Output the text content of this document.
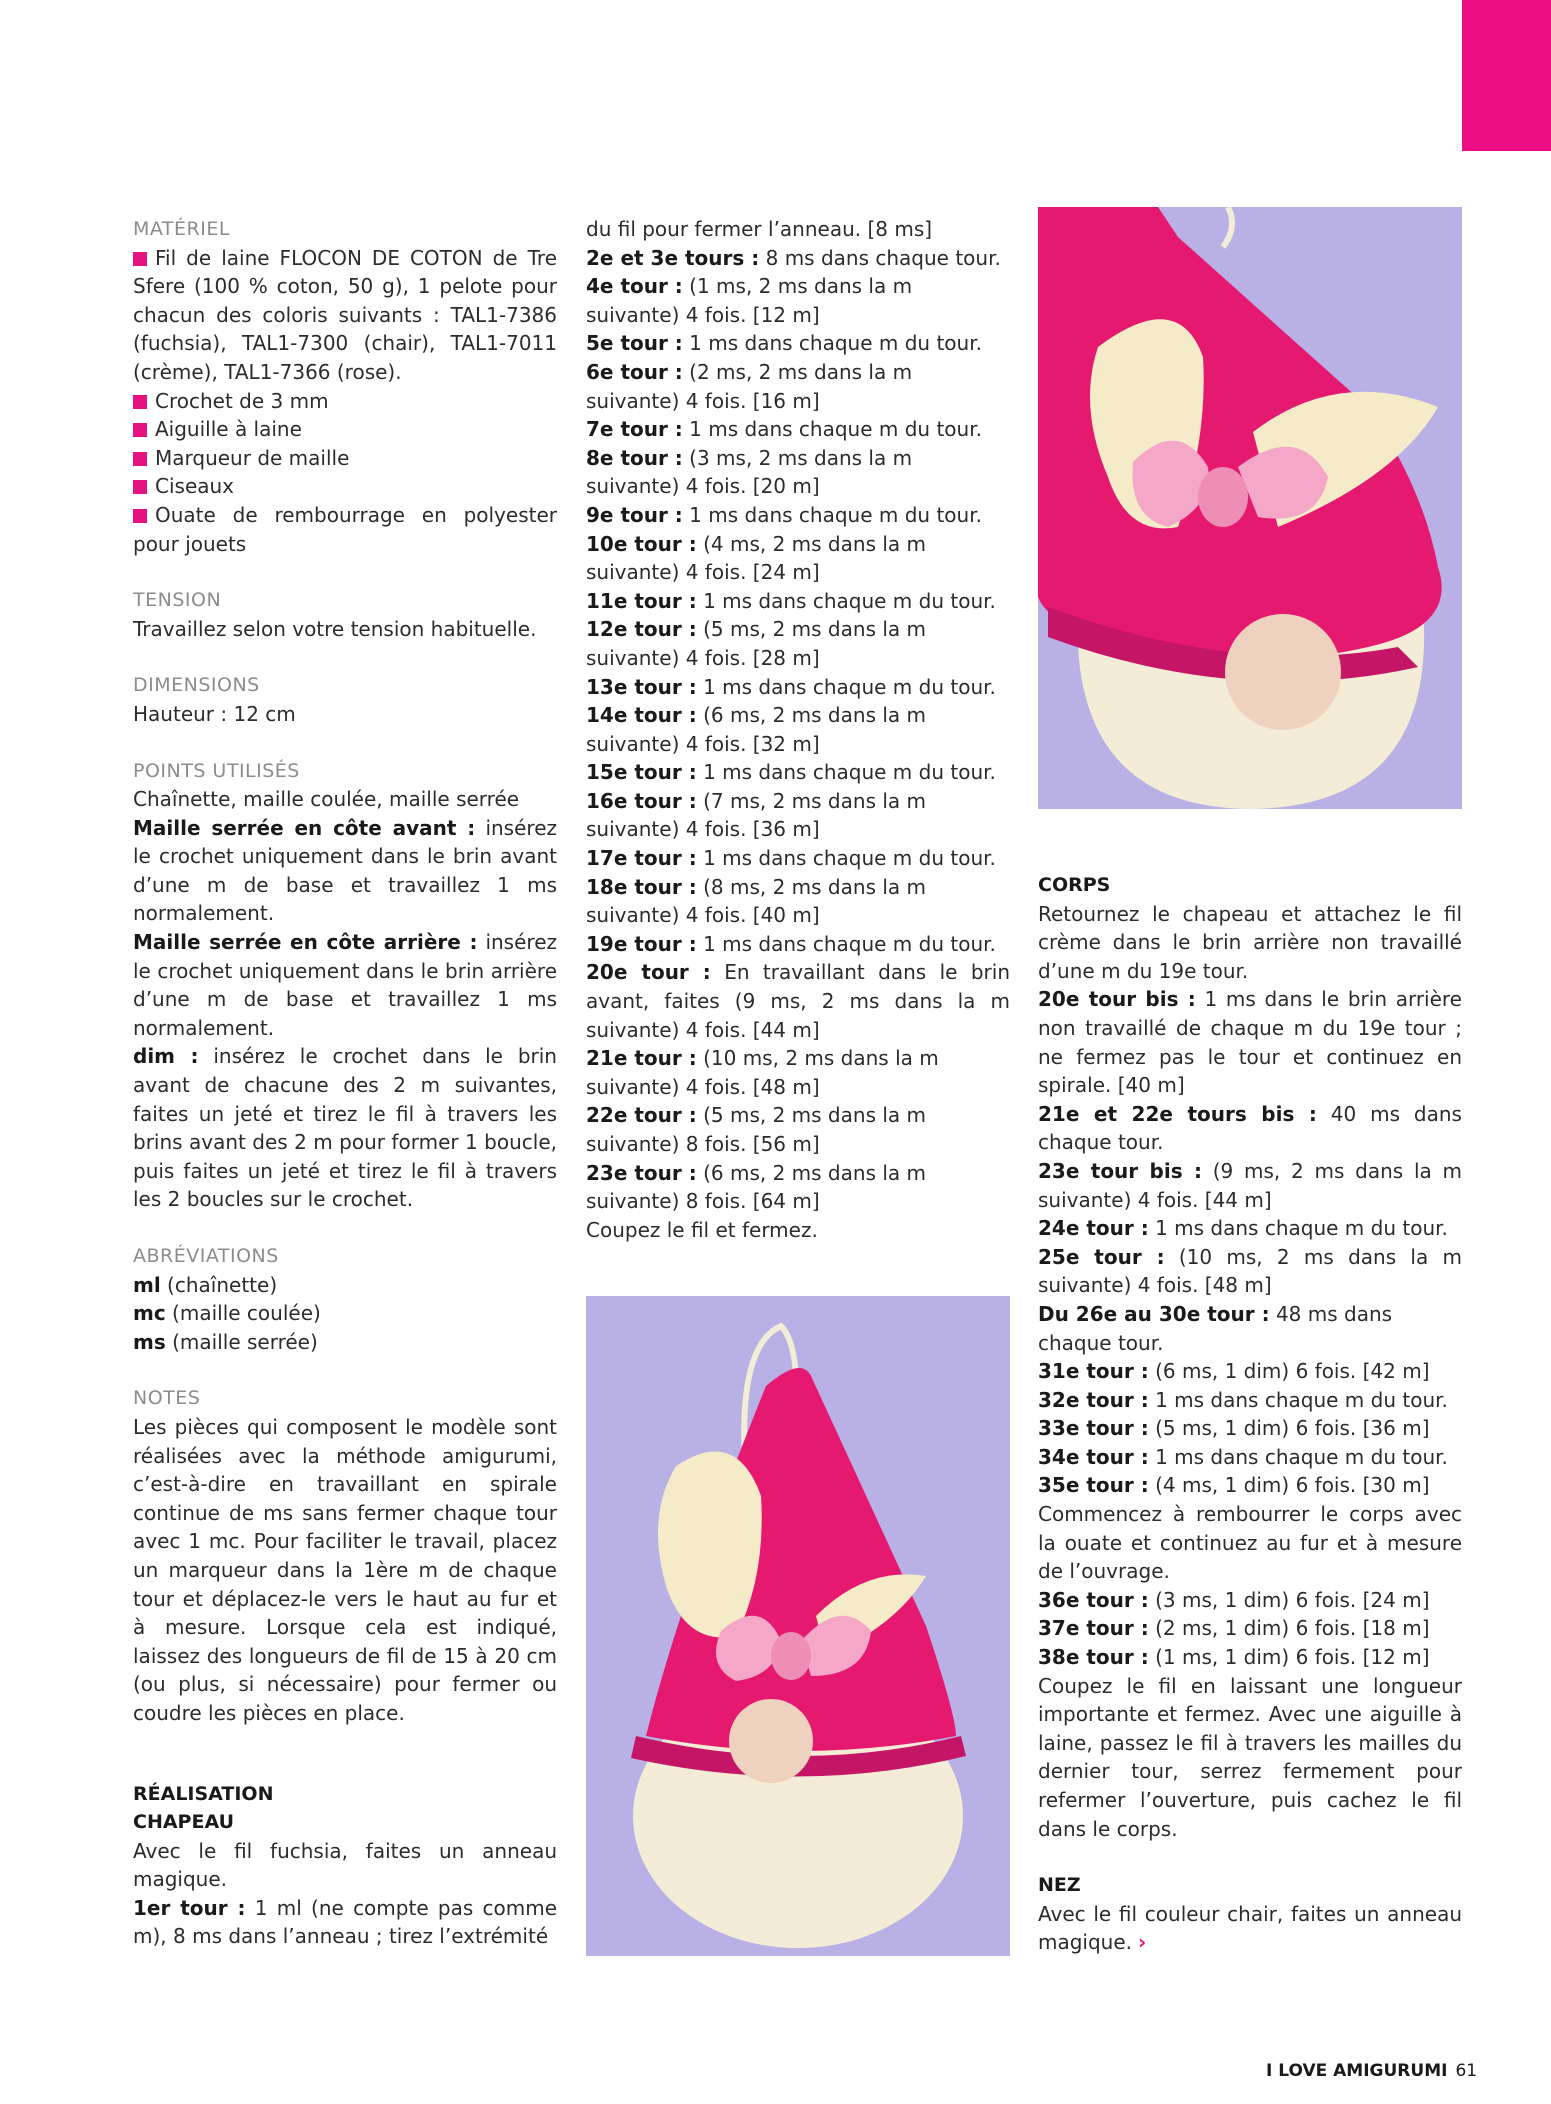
MATÉRIEL
Fil de laine FLOCON DE COTON de Tre Sfere (100 % coton, 50 g), 1 pelote pour chacun des coloris suivants : TAL1-7386 (fuchsia), TAL1-7300 (chair), TAL1-7011 (crème), TAL1-7366 (rose).
Crochet de 3 mm
Aiguille à laine
Marqueur de maille
Ciseaux
Ouate de rembourrage en polyester pour jouets
TENSION
Travaillez selon votre tension habituelle.
DIMENSIONS
Hauteur : 12 cm
POINTS UTILISÉS
Chaînette, maille coulée, maille serrée
Maille serrée en côte avant : insérez le crochet uniquement dans le brin avant d’une m de base et travaillez 1 ms normalement.
Maille serrée en côte arrière : insérez le crochet uniquement dans le brin arrière d’une m de base et travaillez 1 ms normalement.
dim : insérez le crochet dans le brin avant de chacune des 2 m suivantes, faites un jeté et tirez le fil à travers les brins avant des 2 m pour former 1 boucle, puis faites un jeté et tirez le fil à travers les 2 boucles sur le crochet.
ABRÉVIATIONS
ml (chaînette)
mc (maille coulée)
ms (maille serrée)
NOTES
Les pièces qui composent le modèle sont réalisées avec la méthode amigurumi, c’est-à-dire en travaillant en spirale continue de ms sans fermer chaque tour avec 1 mc. Pour faciliter le travail, placez un marqueur dans la 1ère m de chaque tour et déplacez-le vers le haut au fur et à mesure. Lorsque cela est indiqué, laissez des longueurs de fil de 15 à 20 cm (ou plus, si nécessaire) pour fermer ou coudre les pièces en place.
RÉALISATION
CHAPEAU
Avec le fil fuchsia, faites un anneau magique.
1er tour : 1 ml (ne compte pas comme m), 8 ms dans l’anneau ; tirez l’extrémité
du fil pour fermer l’anneau. [8 ms]
2e et 3e tours : 8 ms dans chaque tour.
4e tour : (1 ms, 2 ms dans la m suivante) 4 fois. [12 m]
5e tour : 1 ms dans chaque m du tour.
6e tour : (2 ms, 2 ms dans la m suivante) 4 fois. [16 m]
7e tour : 1 ms dans chaque m du tour.
8e tour : (3 ms, 2 ms dans la m suivante) 4 fois. [20 m]
9e tour : 1 ms dans chaque m du tour.
10e tour : (4 ms, 2 ms dans la m suivante) 4 fois. [24 m]
11e tour : 1 ms dans chaque m du tour.
12e tour : (5 ms, 2 ms dans la m suivante) 4 fois. [28 m]
13e tour : 1 ms dans chaque m du tour.
14e tour : (6 ms, 2 ms dans la m suivante) 4 fois. [32 m]
15e tour : 1 ms dans chaque m du tour.
16e tour : (7 ms, 2 ms dans la m suivante) 4 fois. [36 m]
17e tour : 1 ms dans chaque m du tour.
18e tour : (8 ms, 2 ms dans la m suivante) 4 fois. [40 m]
19e tour : 1 ms dans chaque m du tour.
20e tour : En travaillant dans le brin avant, faites (9 ms, 2 ms dans la m suivante) 4 fois. [44 m]
21e tour : (10 ms, 2 ms dans la m suivante) 4 fois. [48 m]
22e tour : (5 ms, 2 ms dans la m suivante) 8 fois. [56 m]
23e tour : (6 ms, 2 ms dans la m suivante) 8 fois. [64 m]
Coupez le fil et fermez.
CORPS
Retournez le chapeau et attachez le fil crème dans le brin arrière non travaillé d’une m du 19e tour.
20e tour bis : 1 ms dans le brin arrière non travaillé de chaque m du 19e tour ; ne fermez pas le tour et continuez en spirale. [40 m]
21e et 22e tours bis : 40 ms dans chaque tour.
23e tour bis : (9 ms, 2 ms dans la m suivante) 4 fois. [44 m]
24e tour : 1 ms dans chaque m du tour.
25e tour : (10 ms, 2 ms dans la m suivante) 4 fois. [48 m]
Du 26e au 30e tour : 48 ms dans chaque tour.
31e tour : (6 ms, 1 dim) 6 fois. [42 m]
32e tour : 1 ms dans chaque m du tour.
33e tour : (5 ms, 1 dim) 6 fois. [36 m]
34e tour : 1 ms dans chaque m du tour.
35e tour : (4 ms, 1 dim) 6 fois. [30 m]
Commencez à rembourrer le corps avec la ouate et continuez au fur et à mesure de l’ouvrage.
36e tour : (3 ms, 1 dim) 6 fois. [24 m]
37e tour : (2 ms, 1 dim) 6 fois. [18 m]
38e tour : (1 ms, 1 dim) 6 fois. [12 m]
Coupez le fil en laissant une longueur importante et fermez. Avec une aiguille à laine, passez le fil à travers les mailles du dernier tour, serrez fermement pour refermer l’ouverture, puis cachez le fil dans le corps.
NEZ
Avec le fil couleur chair, faites un anneau magique. ›
I LOVE AMIGURUMI 61
